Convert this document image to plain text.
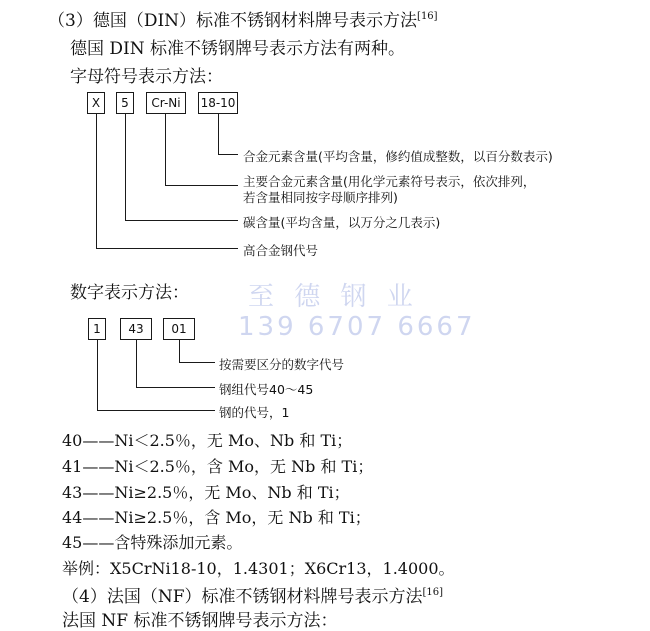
至 德 钢 业
139 6707 6667
（3）德国（DIN）标准不锈钢材料牌号表示方法[16]
德国 DIN 标准不锈钢牌号表示方法有两种。
字母符号表示方法：
X	5	Cr-Ni	18-10
合金元素含量(平均含量，修约值成整数，以百分数表示)
主要合金元素含量(用化学元素符号表示，依次排列，
若含量相同按字母顺序排列)
碳含量(平均含量，以万分之几表示)
高合金钢代号
数字表示方法：
1	43	01
按需要区分的数字代号
钢组代号40～45
钢的代号，1
40——Ni＜2.5％，无 Mo、Nb 和 Ti；
41——Ni＜2.5％，含 Mo，无 Nb 和 Ti；
43——Ni≥2.5％，无 Mo、Nb 和 Ti；
44——Ni≥2.5％，含 Mo，无 Nb 和 Ti；
45——含特殊添加元素。
举例：X5CrNi18-10，1.4301；X6Cr13，1.4000。
（4）法国（NF）标准不锈钢材料牌号表示方法[16]
法国 NF 标准不锈钢牌号表示方法：
